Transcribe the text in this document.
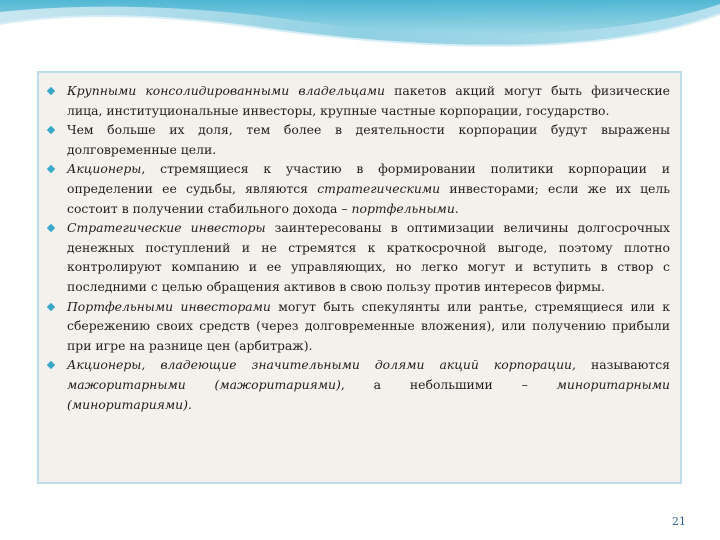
Крупными консолидированными владельцами пакетов акций могут быть физические лица, институциональные инвесторы, крупные частные корпорации, государство.
Чем больше их доля, тем более в деятельности корпорации будут выражены долговременные цели.
Акционеры, стремящиеся к участию в формировании политики корпорации и определении ее судьбы, являются стратегическими инвесторами; если же их цель состоит в получении стабильного дохода – портфельными.
Стратегические инвесторы заинтересованы в оптимизации величины долгосрочных денежных поступлений и не стремятся к краткосрочной выгоде, поэтому плотно контролируют компанию и ее управляющих, но легко могут и вступить в створ с последними с целью обращения активов в свою пользу против интересов фирмы.
Портфельными инвесторами могут быть спекулянты или рантье, стремящиеся или к сбережению своих средств (через долговременные вложения), или получению прибыли при игре на разнице цен (арбитраж).
Акционеры, владеющие значительными долями акций корпорации, называются мажоритарными (мажоритариями), а небольшими – миноритарными (миноритариями).
21
